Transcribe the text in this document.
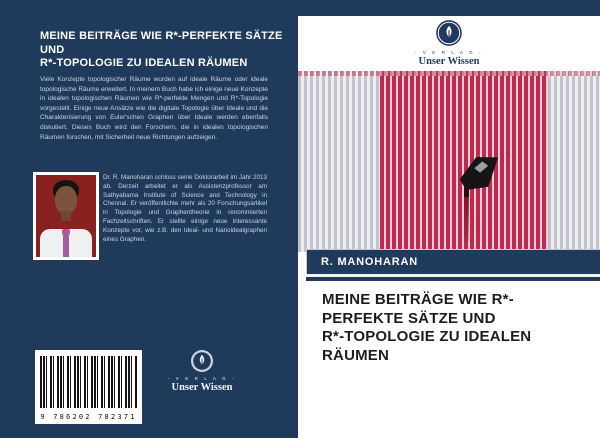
MEINE BEITRÄGE WIE R*-PERFEKTE SÄTZE
UND
R*-TOPOLOGIE ZU IDEALEN RÄUMEN
Viele Konzepte topologischer Räume wurden auf ideale Räume oder ideale topologische Räume erweitert. In meinem Buch habe ich einige neue Konzepte in idealen topologischen Räumen wie R*-perfekte Mengen und R*-Topologie vorgestellt. Einige neue Ansätze wie die digitale Topologie über Ideale und die Charakterisierung von Euler'schen Graphen über Ideale werden ebenfalls diskutiert. Dieses Buch wird den Forschern, die in idealen topologischen Räumen forschen, mit Sicherheit neue Richtungen aufzeigen.
Dr. R. Manoharan schloss seine Doktorarbeit im Jahr 2013 ab. Derzeit arbeitet er als Assistenzprofessor am Sathyabama Institute of Science and Technology in Chennai. Er veröffentlichte mehr als 20 Forschungsartikel in Topologie und Graphentheorie in renommierten Fachzeitschriften. Er stellte einige neue interessante Konzepte vor, wie z.B. den Ideal- und Nanoidealgraphen eines Graphen.
9 786202 782371
- V E R L A G -
Unser Wissen
- V E R L A G -
Unser Wissen
R. MANOHARAN
MEINE BEITRÄGE WIE R*-
PERFEKTE SÄTZE UND
R*-TOPOLOGIE ZU IDEALEN
RÄUMEN
